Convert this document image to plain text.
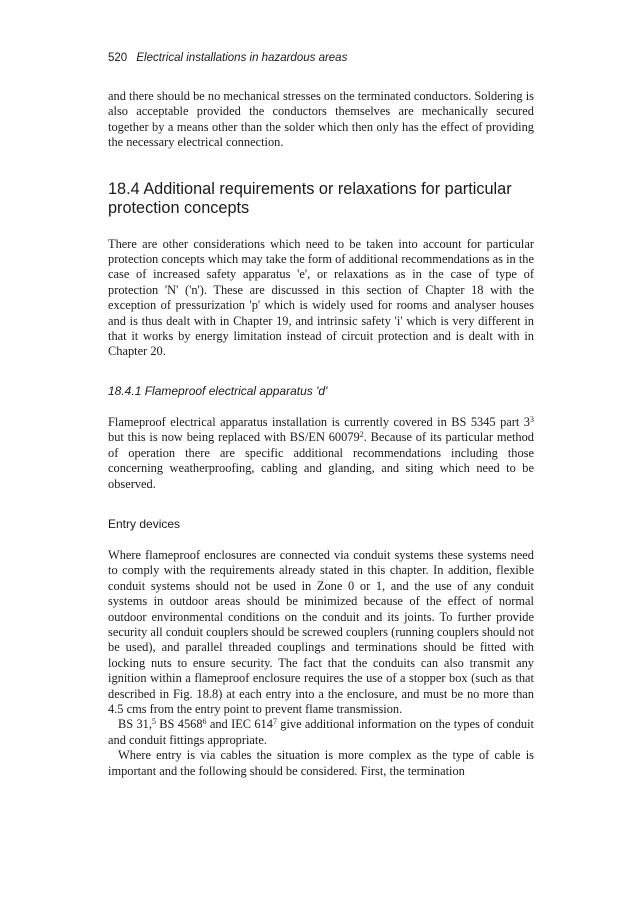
520 Electrical installations in hazardous areas

and there should be no mechanical stresses on the terminated conductors. Soldering is also acceptable provided the conductors themselves are mechanically secured together by a means other than the solder which then only has the effect of providing the necessary electrical connection.

18.4 Additional requirements or relaxations for particular protection concepts

There are other considerations which need to be taken into account for particular protection concepts which may take the form of additional recommendations as in the case of increased safety apparatus 'e', or relaxations as in the case of type of protection 'N' ('n'). These are discussed in this section of Chapter 18 with the exception of pressurization 'p' which is widely used for rooms and analyser houses and is thus dealt with in Chapter 19, and intrinsic safety 'i' which is very different in that it works by energy limitation instead of circuit protection and is dealt with in Chapter 20.

18.4.1 Flameproof electrical apparatus 'd'

Flameproof electrical apparatus installation is currently covered in BS 5345 part $3^3$ but this is now being replaced with BS/EN 60079$^2$. Because of its particular method of operation there are specific additional recommendations including those concerning weatherproofing, cabling and glanding, and siting which need to be observed.

Entry devices

Where flameproof enclosures are connected via conduit systems these systems need to comply with the requirements already stated in this chapter. In addition, flexible conduit systems should not be used in Zone 0 or 1, and the use of any conduit systems in outdoor areas should be minimized because of the effect of normal outdoor environmental conditions on the conduit and its joints. To further provide security all conduit couplers should be screwed couplers (running couplers should not be used), and parallel threaded couplings and terminations should be fitted with locking nuts to ensure security. The fact that the conduits can also transmit any ignition within a flameproof enclosure requires the use of a stopper box (such as that described in Fig. 18.8) at each entry into a the enclosure, and must be no more than 4.5 cms from the entry point to prevent flame transmission.

BS 31,$^5$ BS 4568$^6$ and IEC $614^7$ give additional information on the types of conduit and conduit fittings appropriate.

Where entry is via cables the situation is more complex as the type of cable is important and the following should be considered. First, the termination
